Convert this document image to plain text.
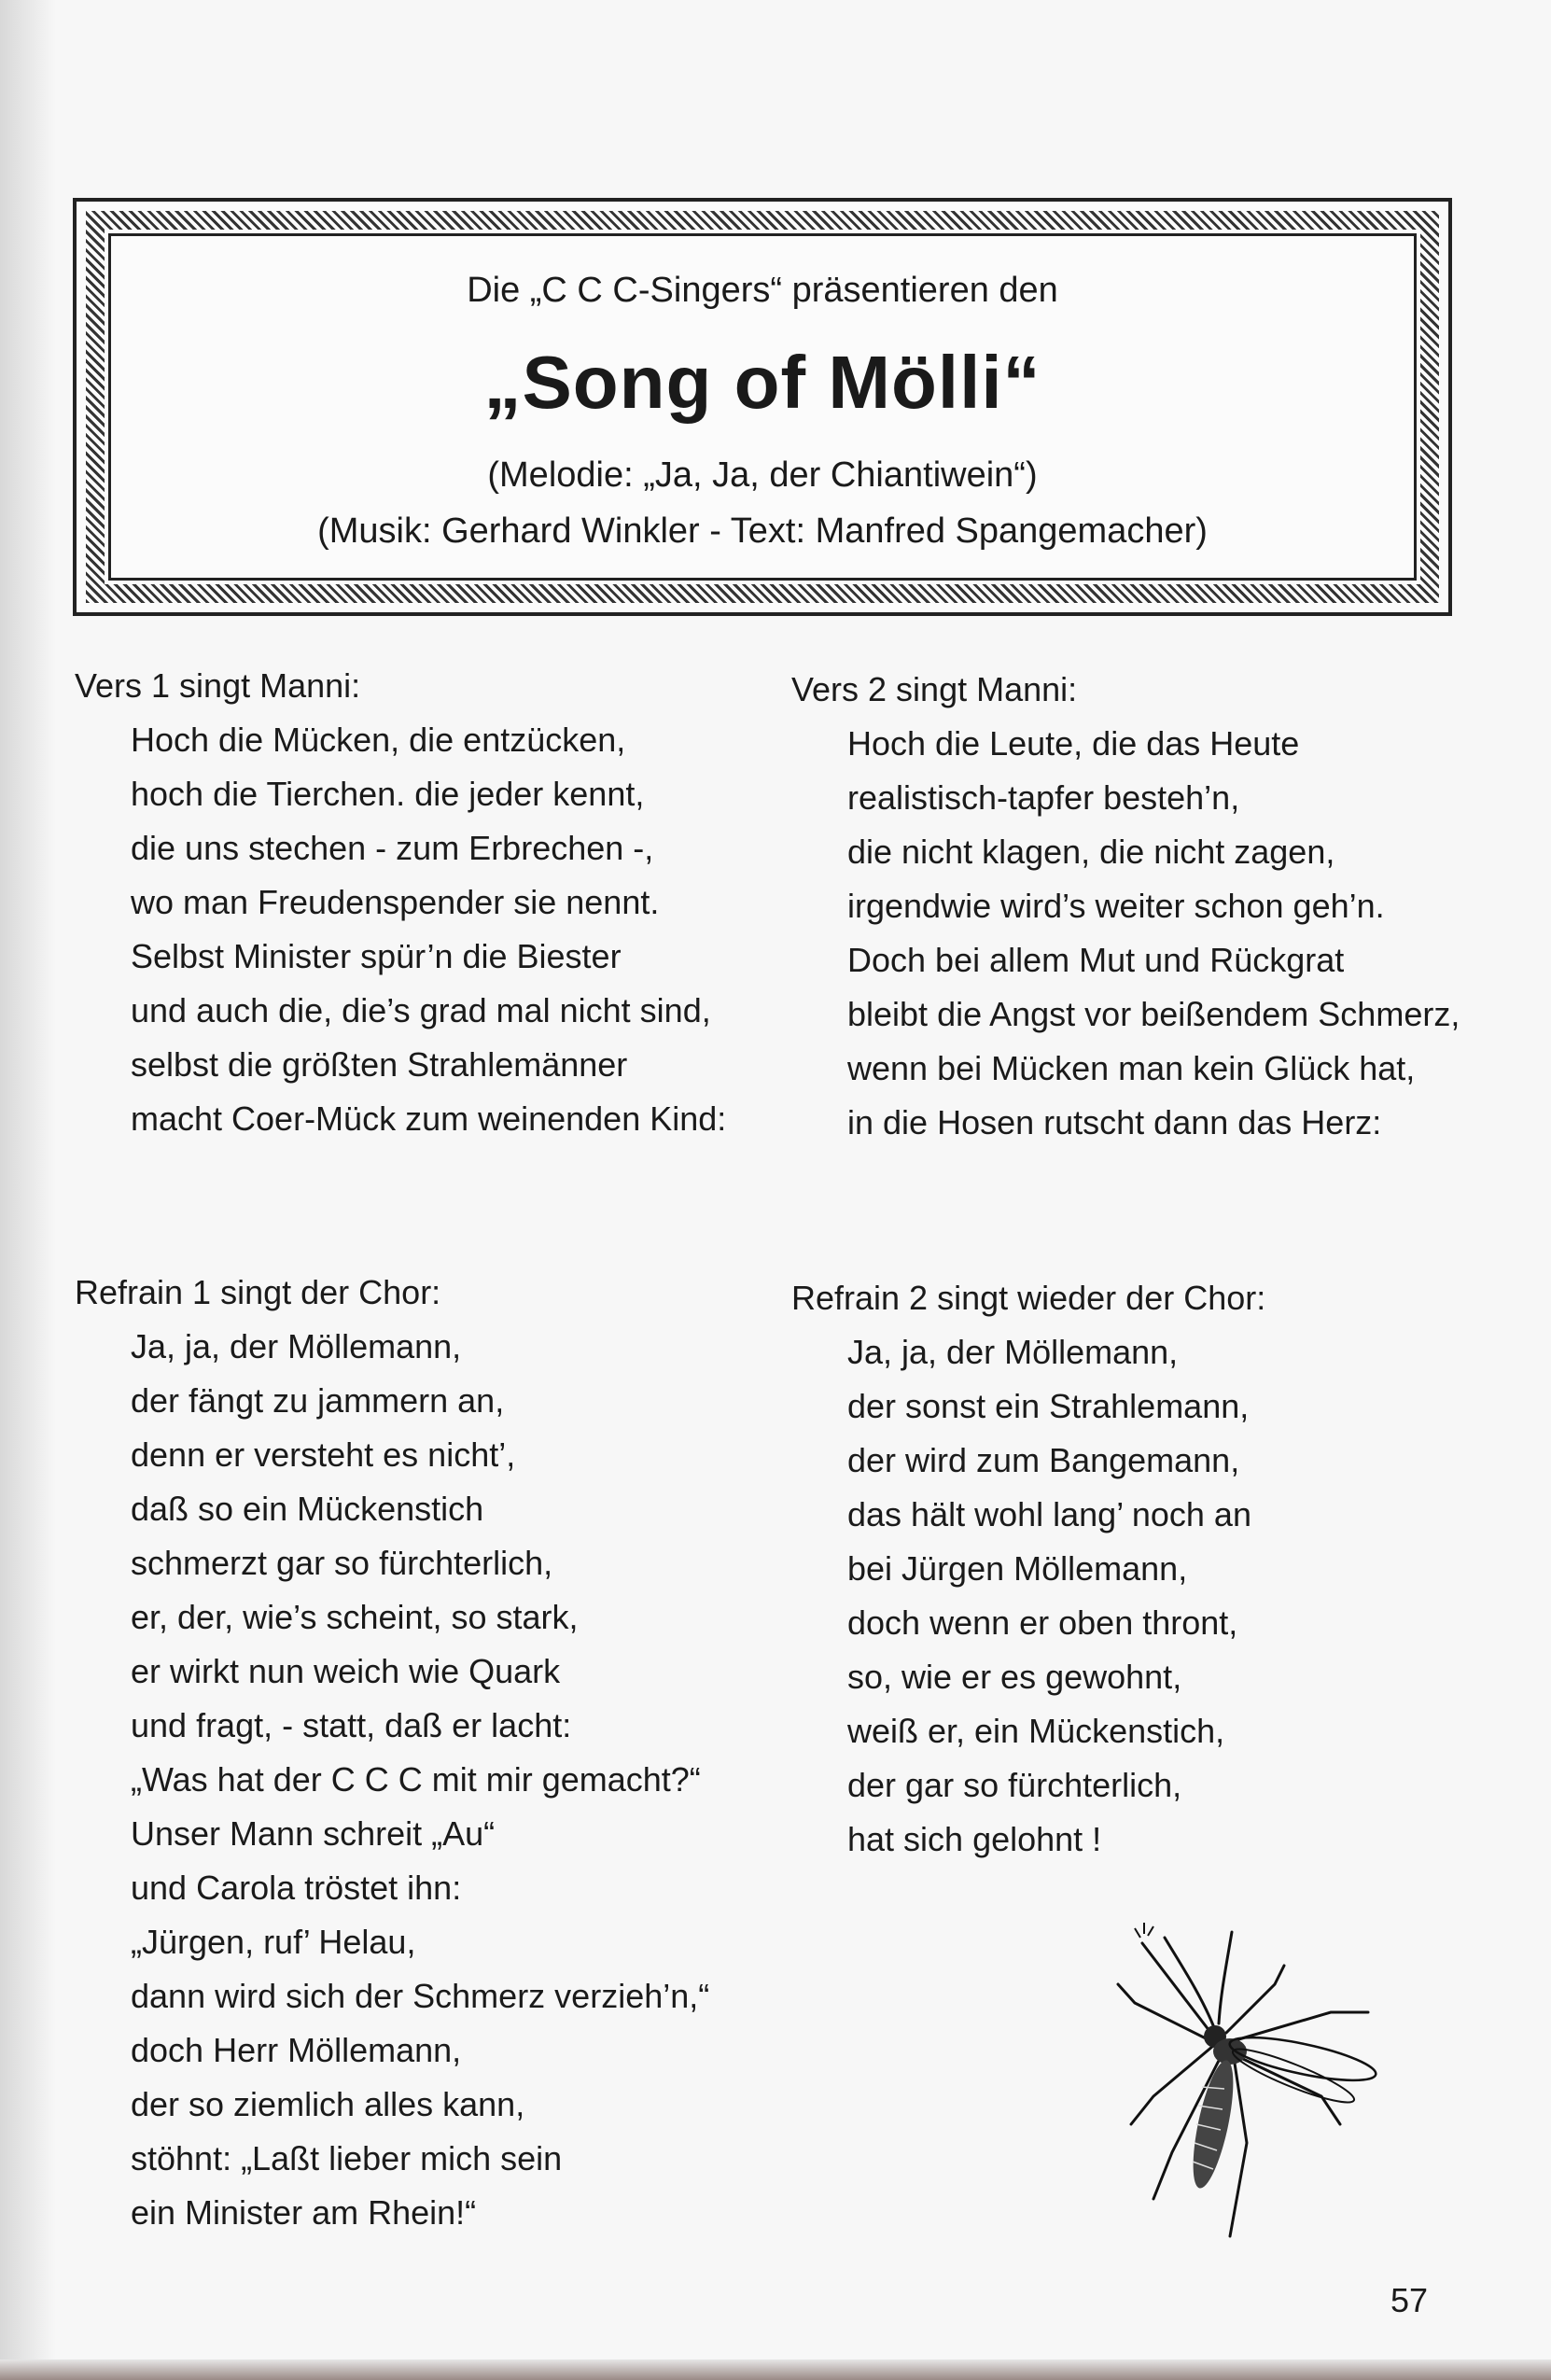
Die „C C C-Singers“ präsentieren den
„Song of Mölli“
(Melodie: „Ja, Ja, der Chiantiwein“)
(Musik: Gerhard Winkler - Text: Manfred Spangemacher)
Vers 1 singt Manni:
Hoch die Mücken, die entzücken,
hoch die Tierchen. die jeder kennt,
die uns stechen - zum Erbrechen -,
wo man Freudenspender sie nennt.
Selbst Minister spür’n die Biester
und auch die, die’s grad mal nicht sind,
selbst die größten Strahlemänner
macht Coer-Mück zum weinenden Kind:
Vers 2 singt Manni:
Hoch die Leute, die das Heute
realistisch-tapfer besteh’n,
die nicht klagen, die nicht zagen,
irgendwie wird’s weiter schon geh’n.
Doch bei allem Mut und Rückgrat
bleibt die Angst vor beißendem Schmerz,
wenn bei Mücken man kein Glück hat,
in die Hosen rutscht dann das Herz:
Refrain 1 singt der Chor:
Ja, ja, der Möllemann,
der fängt zu jammern an,
denn er versteht es nicht’,
daß so ein Mückenstich
schmerzt gar so fürchterlich,
er, der, wie’s scheint, so stark,
er wirkt nun weich wie Quark
und fragt, - statt, daß er lacht:
„Was hat der C C C mit mir gemacht?“
Unser Mann schreit „Au“
und Carola tröstet ihn:
„Jürgen, ruf’ Helau,
dann wird sich der Schmerz verzieh’n,“
doch Herr Möllemann,
der so ziemlich alles kann,
stöhnt: „Laßt lieber mich sein
ein Minister am Rhein!“
Refrain 2 singt wieder der Chor:
Ja, ja, der Möllemann,
der sonst ein Strahlemann,
der wird zum Bangemann,
das hält wohl lang’ noch an
bei Jürgen Möllemann,
doch wenn er oben thront,
so, wie er es gewohnt,
weiß er, ein Mückenstich,
der gar so fürchterlich,
hat sich gelohnt !
57
